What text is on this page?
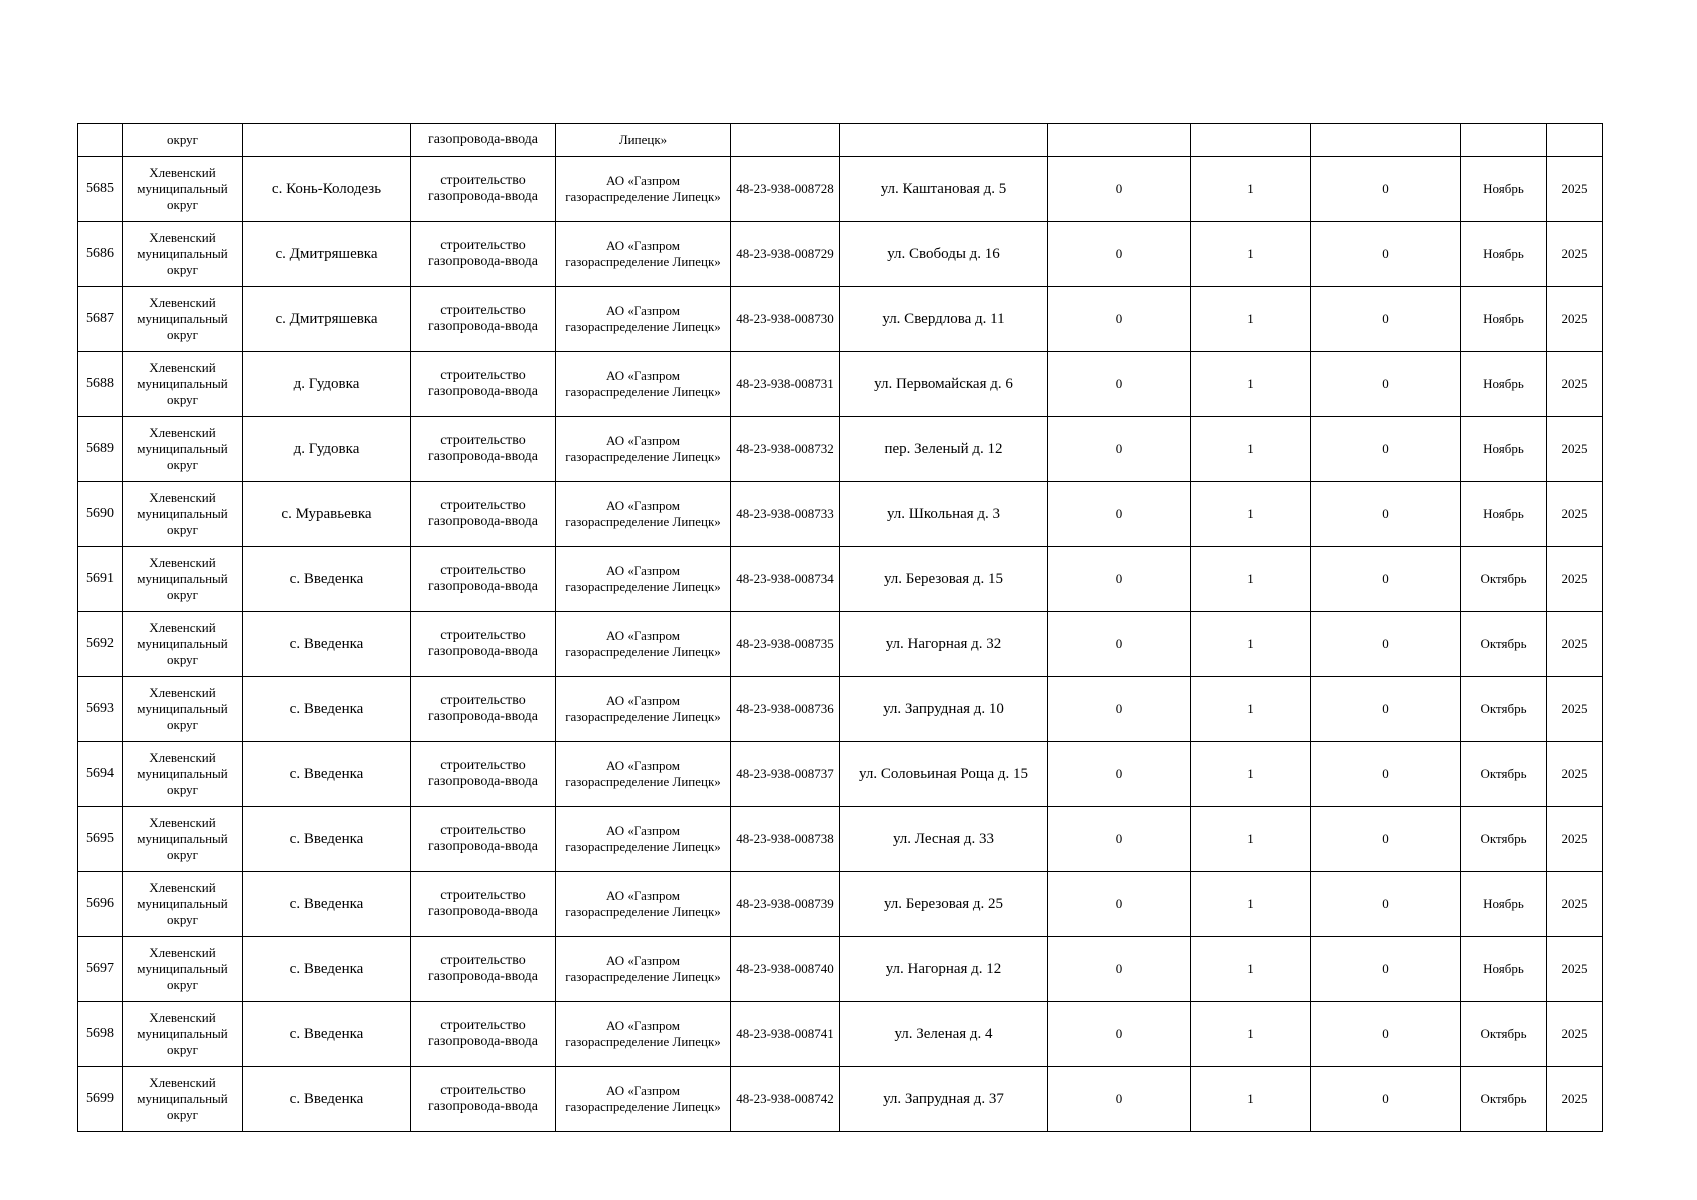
	округ		газопровода-ввода	Липецк»							
5685	Хлевенский муниципальный округ	с. Конь-Колодезь	строительство газопровода-ввода	АО «Газпром газораспределение Липецк»	48-23-938-008728	ул. Каштановая д. 5	0	1	0	Ноябрь	2025
5686	Хлевенский муниципальный округ	с. Дмитряшевка	строительство газопровода-ввода	АО «Газпром газораспределение Липецк»	48-23-938-008729	ул. Свободы д. 16	0	1	0	Ноябрь	2025
5687	Хлевенский муниципальный округ	с. Дмитряшевка	строительство газопровода-ввода	АО «Газпром газораспределение Липецк»	48-23-938-008730	ул. Свердлова д. 11	0	1	0	Ноябрь	2025
5688	Хлевенский муниципальный округ	д. Гудовка	строительство газопровода-ввода	АО «Газпром газораспределение Липецк»	48-23-938-008731	ул. Первомайская д. 6	0	1	0	Ноябрь	2025
5689	Хлевенский муниципальный округ	д. Гудовка	строительство газопровода-ввода	АО «Газпром газораспределение Липецк»	48-23-938-008732	пер. Зеленый д. 12	0	1	0	Ноябрь	2025
5690	Хлевенский муниципальный округ	с. Муравьевка	строительство газопровода-ввода	АО «Газпром газораспределение Липецк»	48-23-938-008733	ул. Школьная д. 3	0	1	0	Ноябрь	2025
5691	Хлевенский муниципальный округ	с. Введенка	строительство газопровода-ввода	АО «Газпром газораспределение Липецк»	48-23-938-008734	ул. Березовая д. 15	0	1	0	Октябрь	2025
5692	Хлевенский муниципальный округ	с. Введенка	строительство газопровода-ввода	АО «Газпром газораспределение Липецк»	48-23-938-008735	ул. Нагорная д. 32	0	1	0	Октябрь	2025
5693	Хлевенский муниципальный округ	с. Введенка	строительство газопровода-ввода	АО «Газпром газораспределение Липецк»	48-23-938-008736	ул. Запрудная д. 10	0	1	0	Октябрь	2025
5694	Хлевенский муниципальный округ	с. Введенка	строительство газопровода-ввода	АО «Газпром газораспределение Липецк»	48-23-938-008737	ул. Соловьиная Роща д. 15	0	1	0	Октябрь	2025
5695	Хлевенский муниципальный округ	с. Введенка	строительство газопровода-ввода	АО «Газпром газораспределение Липецк»	48-23-938-008738	ул. Лесная д. 33	0	1	0	Октябрь	2025
5696	Хлевенский муниципальный округ	с. Введенка	строительство газопровода-ввода	АО «Газпром газораспределение Липецк»	48-23-938-008739	ул. Березовая д. 25	0	1	0	Ноябрь	2025
5697	Хлевенский муниципальный округ	с. Введенка	строительство газопровода-ввода	АО «Газпром газораспределение Липецк»	48-23-938-008740	ул. Нагорная д. 12	0	1	0	Ноябрь	2025
5698	Хлевенский муниципальный округ	с. Введенка	строительство газопровода-ввода	АО «Газпром газораспределение Липецк»	48-23-938-008741	ул. Зеленая д. 4	0	1	0	Октябрь	2025
5699	Хлевенский муниципальный округ	с. Введенка	строительство газопровода-ввода	АО «Газпром газораспределение Липецк»	48-23-938-008742	ул. Запрудная д. 37	0	1	0	Октябрь	2025
